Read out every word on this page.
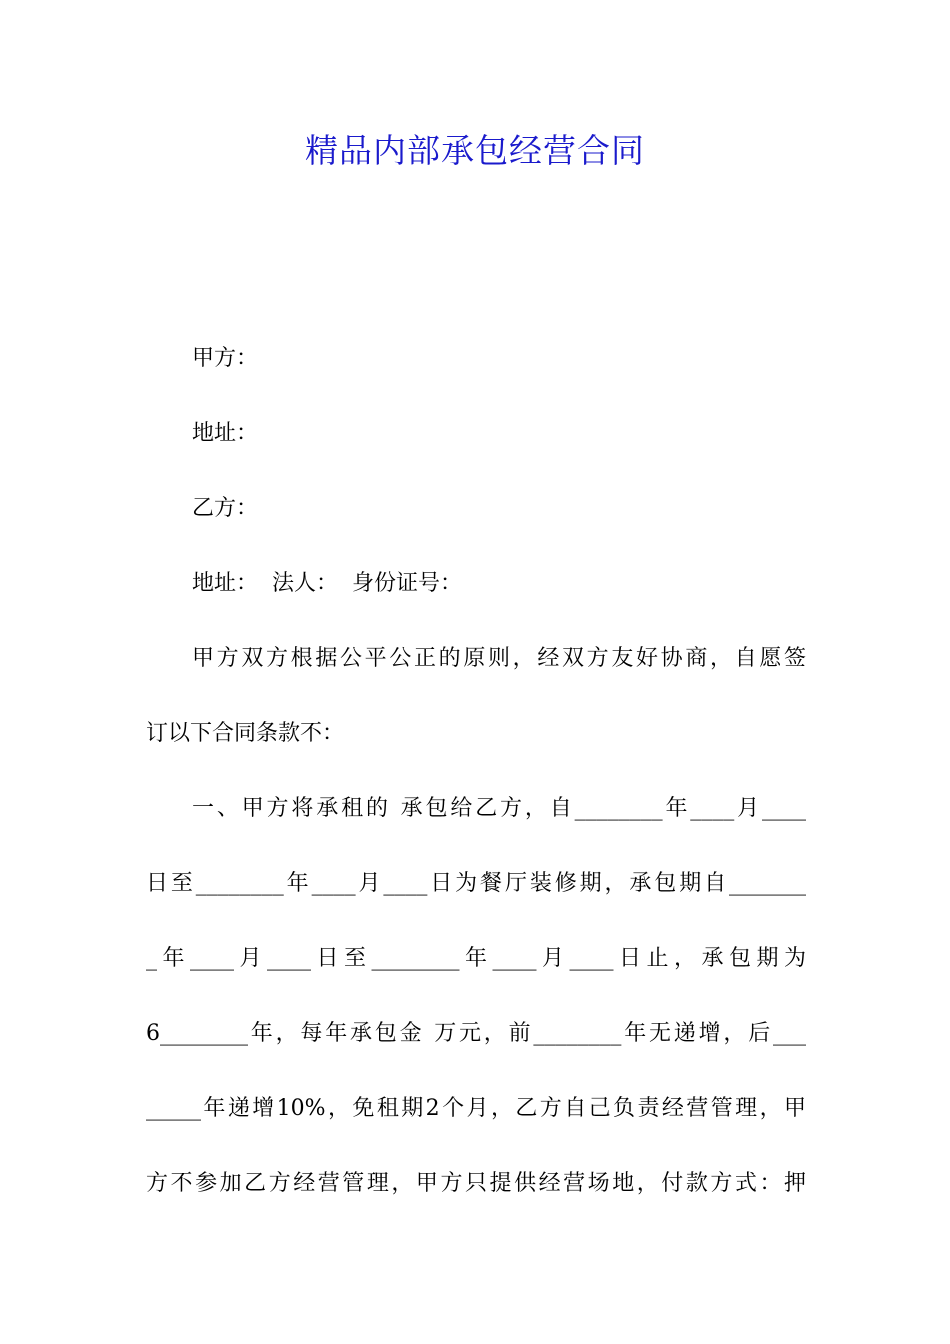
精品内部承包经营合同

甲方：

地址：

乙方：

地址：  法人：  身份证号：

甲方双方根据公平公正的原则，经双方友好协商，自愿签

订以下合同条款不：

一、甲方将承租的 承包给乙方，自________年____月____

日至________年____月____日为餐厅装修期，承包期自_______

_年____月____日至________年____月____日止，承包期为

6________年，每年承包金 万元，前________年无递增，后___

_____年递增10%，免租期2个月，乙方自己负责经营管理，甲

方不参加乙方经营管理，甲方只提供经营场地，付款方式：押
